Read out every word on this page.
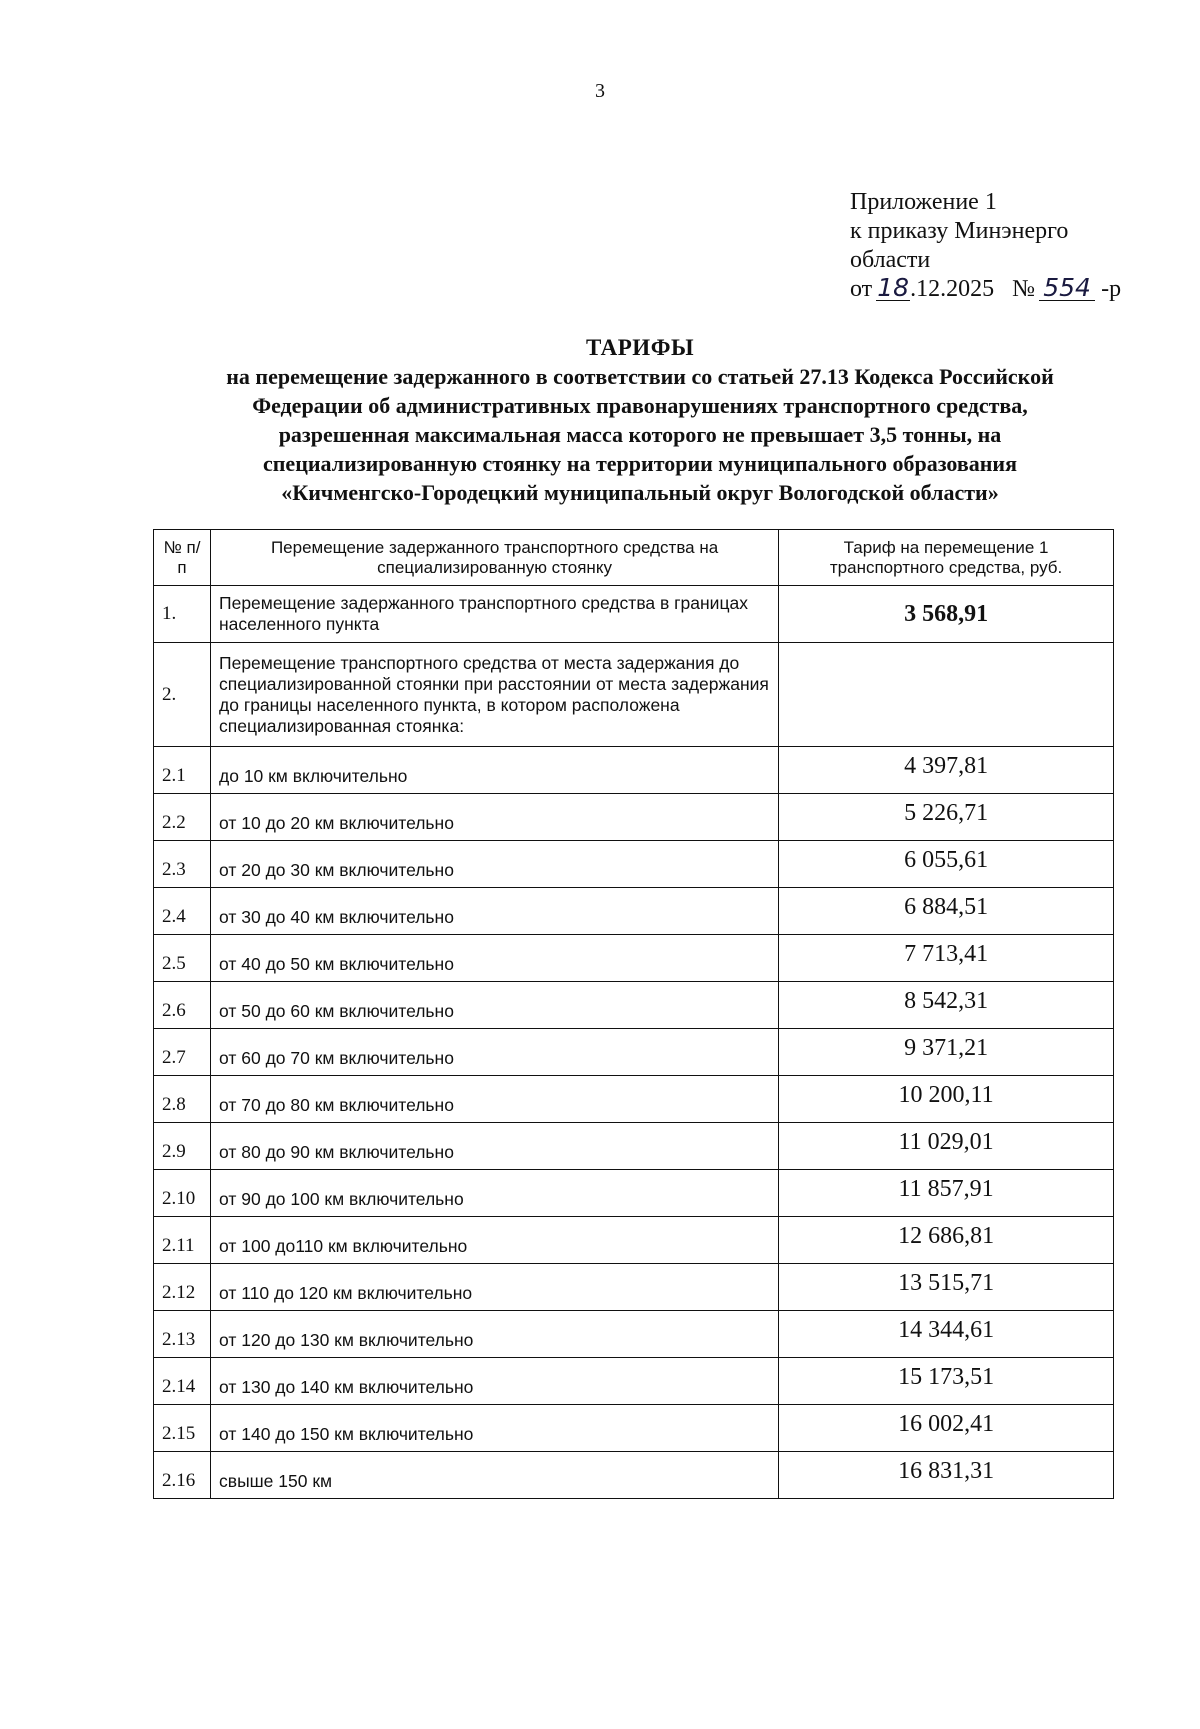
3
Приложение 1
к приказу Минэнерго
области
от 18.12.2025 № 554 -р
ТАРИФЫ
на перемещение задержанного в соответствии со статьей 27.13 Кодекса Российской
Федерации об административных правонарушениях транспортного средства,
разрешенная максимальная масса которого не превышает 3,5 тонны, на
специализированную стоянку на территории муниципального образования
«Кичменгско-Городецкий муниципальный округ Вологодской области»
№ п/п	Перемещение задержанного транспортного средства на специализированную стоянку	Тариф на перемещение 1 транспортного средства, руб.
1.	Перемещение задержанного транспортного средства в границах населенного пункта	3 568,91
2.	Перемещение транспортного средства от места задержания до специализированной стоянки при расстоянии от места задержания до границы населенного пункта, в котором расположена специализированная стоянка:	
2.1	до 10 км включительно	4 397,81
2.2	от 10 до 20 км включительно	5 226,71
2.3	от 20 до 30 км включительно	6 055,61
2.4	от 30 до 40 км включительно	6 884,51
2.5	от 40 до 50 км включительно	7 713,41
2.6	от 50 до 60 км включительно	8 542,31
2.7	от 60 до 70 км включительно	9 371,21
2.8	от 70 до 80 км включительно	10 200,11
2.9	от 80 до 90 км включительно	11 029,01
2.10	от 90 до 100 км включительно	11 857,91
2.11	от 100 до110 км включительно	12 686,81
2.12	от 110 до 120 км включительно	13 515,71
2.13	от 120 до 130 км включительно	14 344,61
2.14	от 130 до 140 км включительно	15 173,51
2.15	от 140 до 150 км включительно	16 002,41
2.16	свыше 150 км	16 831,31
